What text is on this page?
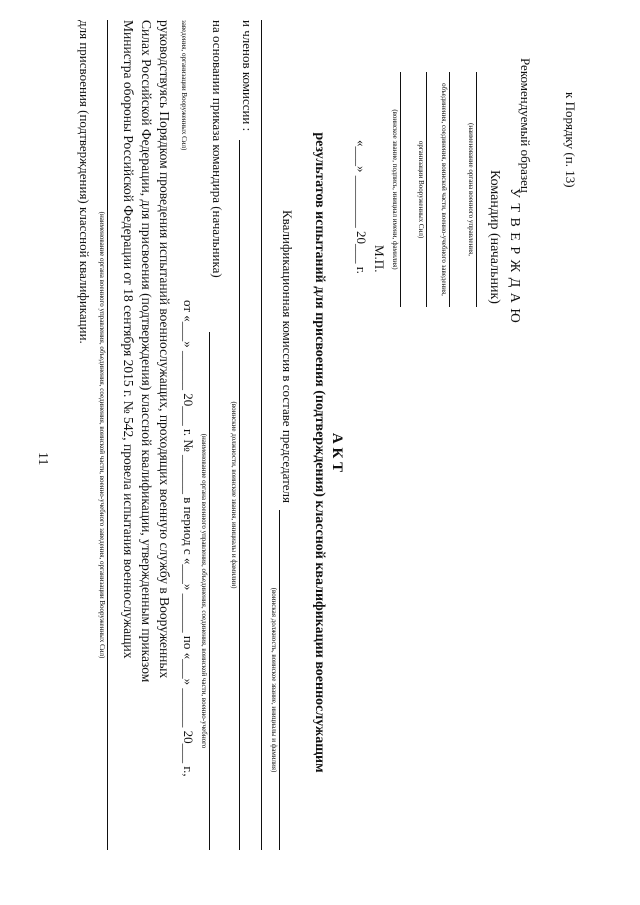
11
к Порядку (п. 13)
Рекомендуемый образец
У Т В Е Р Ж Д А Ю
Командир (начальник)
(наименование органа военного управления,
объединения, соединения, воинской части, военно-учебного заведения,
организации Вооруженных Сил)
(воинское звание, подпись, инициал имени, фамилия)
М.П.
«___» ________ 20___ г.
А К Т
результатов испытаний для присвоения (подтверждения) классной квалификации военнослужащим
Квалификационная комиссия в составе председателя
(воинская должность, воинское звание, инициалы и фамилия)
и членов комиссии :
(воинские должности, воинские звания, инициалы и фамилии)
на основании приказа командира (начальника)
(наименование органа военного управления, объединения, соединения, воинской части, военно-учебного
заведения, организации Вооруженных Сил)
от «___» ______ 20___ г. № ______ в период с «___» ______ по «___» ______ 20___ г.,
руководствуясь Порядком проведения испытаний военнослужащих, проходящих военную службу в Вооруженных
Силах Российской Федерации, для присвоения (подтверждения) классной квалификации, утвержденным приказом
Министра обороны Российской Федерации от 18 сентября 2015 г. № 542, провела испытания военнослужащих
(наименование органа военного управления, объединения, соединения, воинской части, военно-учебного заведения, организации Вооруженных Сил)
для присвоения (подтверждения) классной квалификации.
